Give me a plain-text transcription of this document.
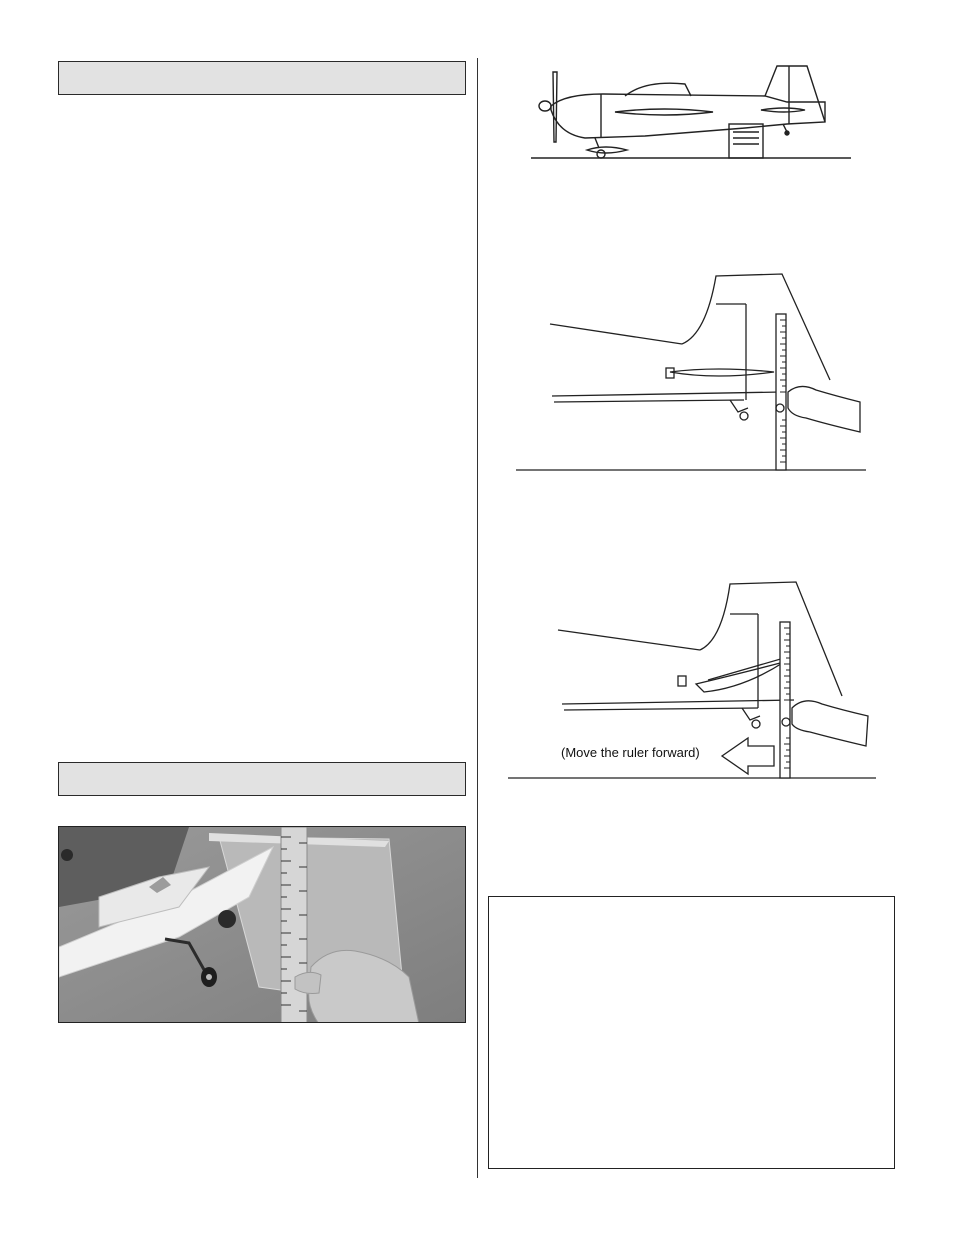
(Move the ruler forward)
